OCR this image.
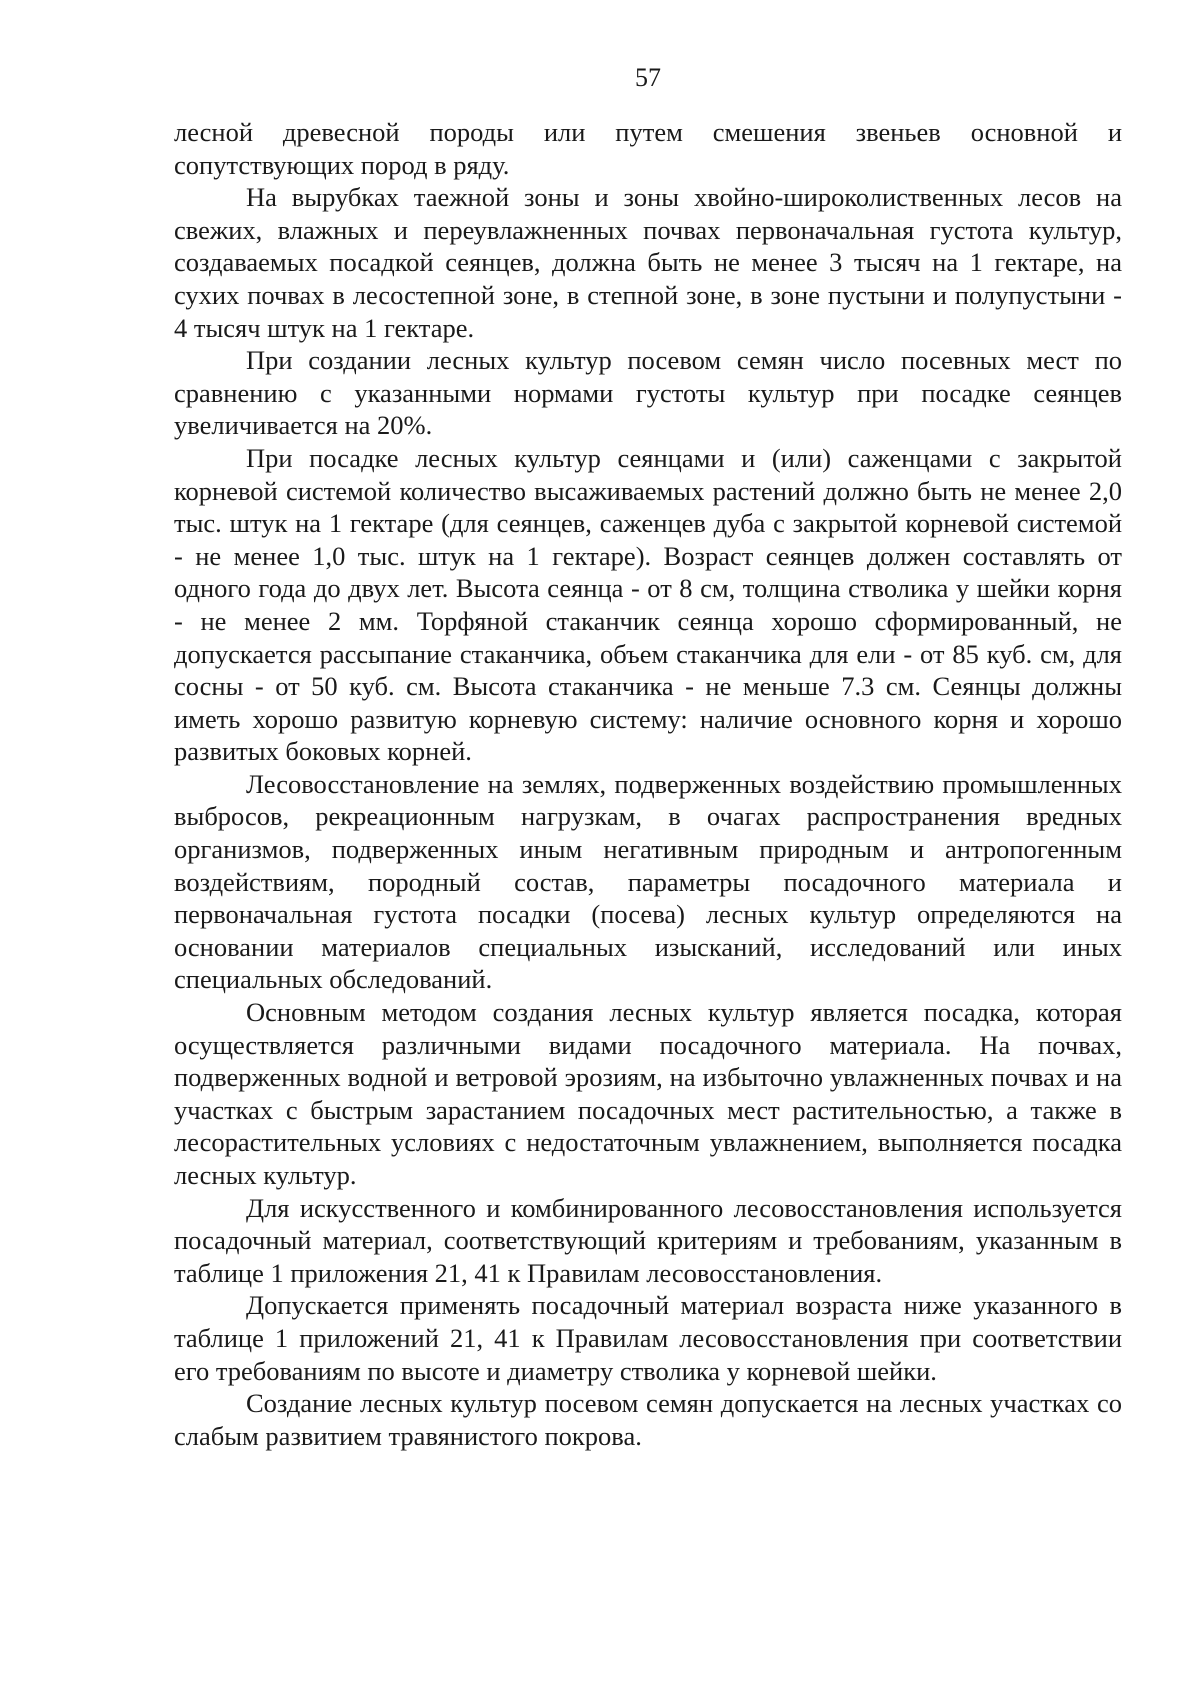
57

лесной древесной породы или путем смешения звеньев основной и сопутствующих пород в ряду.

На вырубках таежной зоны и зоны хвойно-широколиственных лесов на свежих, влажных и переувлажненных почвах первоначальная густота культур, создаваемых посадкой сеянцев, должна быть не менее 3 тысяч на 1 гектаре, на сухих почвах в лесостепной зоне, в степной зоне, в зоне пустыни и полупустыни - 4 тысяч штук на 1 гектаре.

При создании лесных культур посевом семян число посевных мест по сравнению с указанными нормами густоты культур при посадке сеянцев увеличивается на 20%.

При посадке лесных культур сеянцами и (или) саженцами с закрытой корневой системой количество высаживаемых растений должно быть не менее 2,0 тыс. штук на 1 гектаре (для сеянцев, саженцев дуба с закрытой корневой системой - не менее 1,0 тыс. штук на 1 гектаре). Возраст сеянцев должен составлять от одного года до двух лет. Высота сеянца - от 8 см, толщина стволика у шейки корня - не менее 2 мм. Торфяной стаканчик сеянца хорошо сформированный, не допускается рассыпание стаканчика, объем стаканчика для ели - от 85 куб. см, для сосны - от 50 куб. см. Высота стаканчика - не меньше 7.3 см. Сеянцы должны иметь хорошо развитую корневую систему: наличие основного корня и хорошо развитых боковых корней.

Лесовосстановление на землях, подверженных воздействию промышленных выбросов, рекреационным нагрузкам, в очагах распространения вредных организмов, подверженных иным негативным природным и антропогенным воздействиям, породный состав, параметры посадочного материала и первоначальная густота посадки (посева) лесных культур определяются на основании материалов специальных изысканий, исследований или иных специальных обследований.

Основным методом создания лесных культур является посадка, которая осуществляется различными видами посадочного материала. На почвах, подверженных водной и ветровой эрозиям, на избыточно увлажненных почвах и на участках с быстрым зарастанием посадочных мест растительностью, а также в лесорастительных условиях с недостаточным увлажнением, выполняется посадка лесных культур.

Для искусственного и комбинированного лесовосстановления используется посадочный материал, соответствующий критериям и требованиям, указанным в таблице 1 приложения 21, 41 к Правилам лесовосстановления.

Допускается применять посадочный материал возраста ниже указанного в таблице 1 приложений 21, 41 к Правилам лесовосстановления при соответствии его требованиям по высоте и диаметру стволика у корневой шейки.

Создание лесных культур посевом семян допускается на лесных участках со слабым развитием травянистого покрова.
